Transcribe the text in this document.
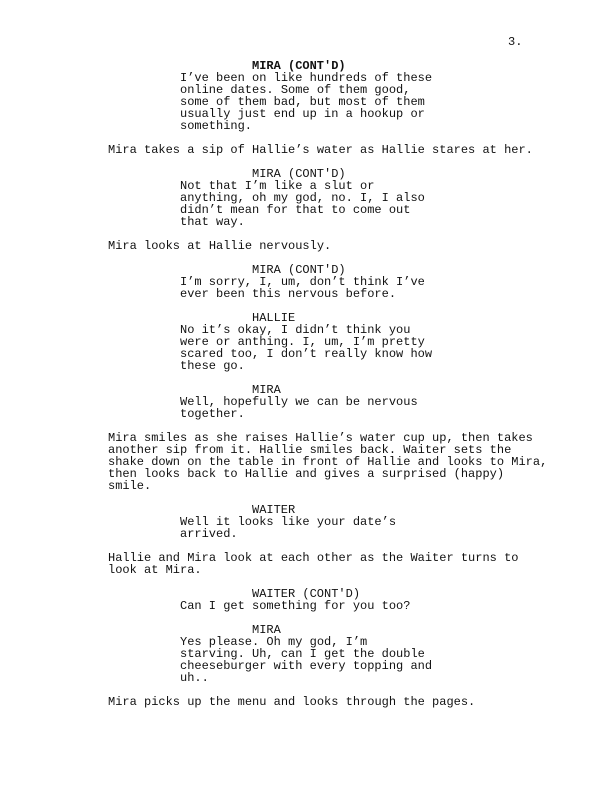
3.
MIRA (CONT'D)
I’ve been on like hundreds of these
online dates. Some of them good,
some of them bad, but most of them
usually just end up in a hookup or
something.
Mira takes a sip of Hallie’s water as Hallie stares at her.
MIRA (CONT'D)
Not that I’m like a slut or
anything, oh my god, no. I, I also
didn’t mean for that to come out
that way.
Mira looks at Hallie nervously.
MIRA (CONT'D)
I’m sorry, I, um, don’t think I’ve
ever been this nervous before.
HALLIE
No it’s okay, I didn’t think you
were or anthing. I, um, I’m pretty
scared too, I don’t really know how
these go.
MIRA
Well, hopefully we can be nervous
together.
Mira smiles as she raises Hallie’s water cup up, then takes
another sip from it. Hallie smiles back. Waiter sets the
shake down on the table in front of Hallie and looks to Mira,
then looks back to Hallie and gives a surprised (happy)
smile.
WAITER
Well it looks like your date’s
arrived.
Hallie and Mira look at each other as the Waiter turns to
look at Mira.
WAITER (CONT'D)
Can I get something for you too?
MIRA
Yes please. Oh my god, I’m
starving. Uh, can I get the double
cheeseburger with every topping and
uh..
Mira picks up the menu and looks through the pages.
